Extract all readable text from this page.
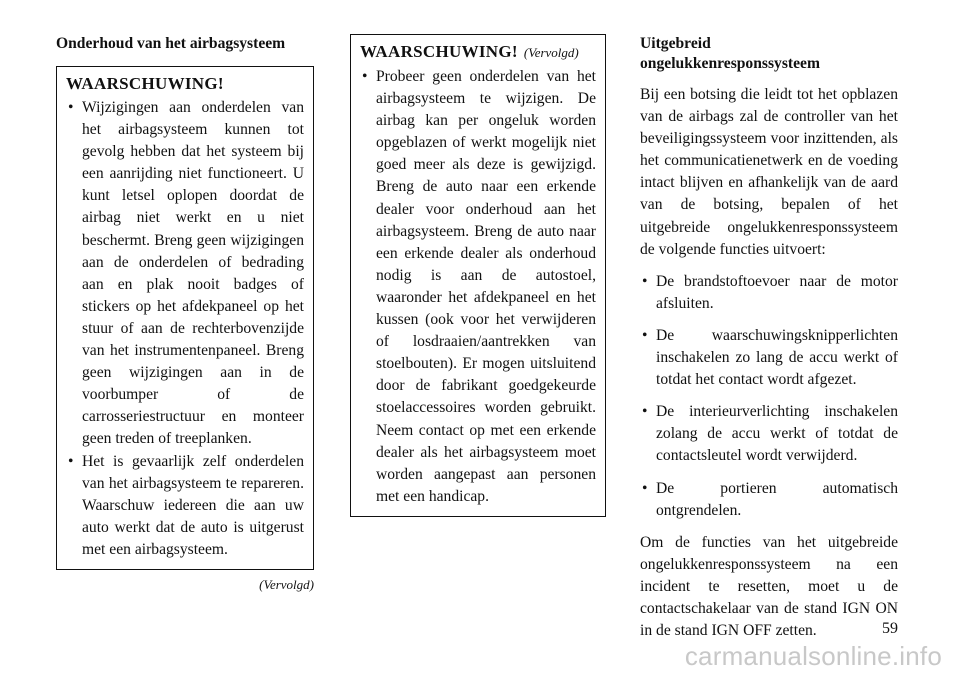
Onderhoud van het airbagsysteem
WAARSCHUWING!
• Wijzigingen aan onderdelen van het airbagsysteem kunnen tot gevolg hebben dat het systeem bij een aanrijding niet functioneert. U kunt letsel oplopen doordat de airbag niet werkt en u niet beschermt. Breng geen wijzigingen aan de onderdelen of bedrading aan en plak nooit badges of stickers op het afdekpaneel op het stuur of aan de rechterbovenzijde van het instrumentenpaneel. Breng geen wijzigingen aan in de voorbumper of de carrosseriestructuur en monteer geen treden of treeplanken.
• Het is gevaarlijk zelf onderdelen van het airbagsysteem te repareren. Waarschuw iedereen die aan uw auto werkt dat de auto is uitgerust met een airbagsysteem.
(Vervolgd)
WAARSCHUWING! (Vervolgd)
• Probeer geen onderdelen van het airbagsysteem te wijzigen. De airbag kan per ongeluk worden opgeblazen of werkt mogelijk niet goed meer als deze is gewijzigd. Breng de auto naar een erkende dealer voor onderhoud aan het airbagsysteem. Breng de auto naar een erkende dealer als onderhoud nodig is aan de autostoel, waaronder het afdekpaneel en het kussen (ook voor het verwijderen of losdraaien/aantrekken van stoelbouten). Er mogen uitsluitend door de fabrikant goedgekeurde stoelaccessoires worden gebruikt. Neem contact op met een erkende dealer als het airbagsysteem moet worden aangepast aan personen met een handicap.
Uitgebreid
ongelukkenresponssysteem

Bij een botsing die leidt tot het opblazen van de airbags zal de controller van het beveiligingssysteem voor inzittenden, als het communicatienetwerk en de voeding intact blijven en afhankelijk van de aard van de botsing, bepalen of het uitgebreide ongelukkenresponssysteem de volgende functies uitvoert:

• De brandstoftoevoer naar de motor afsluiten.
• De waarschuwingsknipperlichten inschakelen zo lang de accu werkt of totdat het contact wordt afgezet.
• De interieurverlichting inschakelen zolang de accu werkt of totdat de contactsleutel wordt verwijderd.
• De portieren automatisch ontgrendelen.

Om de functies van het uitgebreide ongelukkenresponssysteem na een incident te resetten, moet u de contactschakelaar van de stand IGN ON in de stand IGN OFF zetten.	59
carmanualsonline.info
